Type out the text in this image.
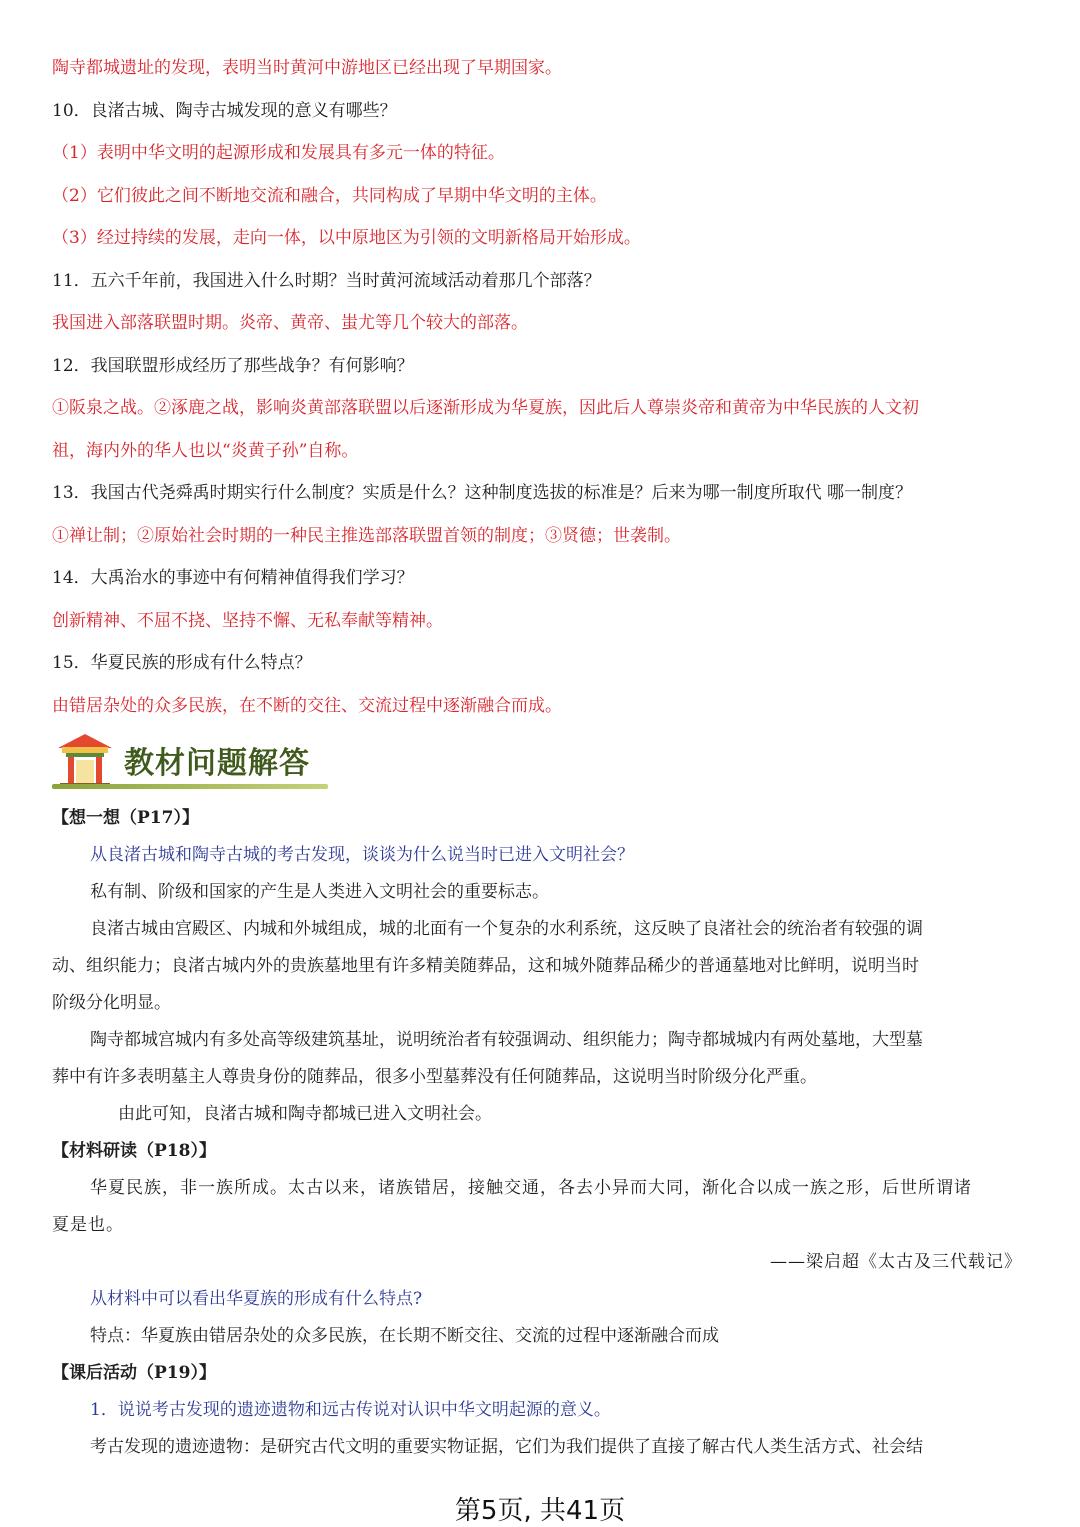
陶寺都城遗址的发现，表明当时黄河中游地区已经出现了早期国家。

10．良渚古城、陶寺古城发现的意义有哪些？

（1）表明中华文明的起源形成和发展具有多元一体的特征。

（2）它们彼此之间不断地交流和融合，共同构成了早期中华文明的主体。

（3）经过持续的发展，走向一体，以中原地区为引领的文明新格局开始形成。

11．五六千年前，我国进入什么时期？当时黄河流域活动着那几个部落？

我国进入部落联盟时期。炎帝、黄帝、蚩尤等几个较大的部落。

12．我国联盟形成经历了那些战争？有何影响？

①阪泉之战。②涿鹿之战，影响炎黄部落联盟以后逐渐形成为华夏族，因此后人尊崇炎帝和黄帝为中华民族的人文初

祖，海内外的华人也以“炎黄子孙”自称。

13．我国古代尧舜禹时期实行什么制度？实质是什么？这种制度选拔的标准是？后来为哪一制度所取代 哪一制度？

①禅让制；②原始社会时期的一种民主推选部落联盟首领的制度；③贤德；世袭制。

14．大禹治水的事迹中有何精神值得我们学习？

创新精神、不屈不挠、坚持不懈、无私奉献等精神。

15．华夏民族的形成有什么特点？

由错居杂处的众多民族，在不断的交往、交流过程中逐渐融合而成。

教材问题解答

【想一想（P17）】

从良渚古城和陶寺古城的考古发现，谈谈为什么说当时已进入文明社会？

私有制、阶级和国家的产生是人类进入文明社会的重要标志。

良渚古城由宫殿区、内城和外城组成，城的北面有一个复杂的水利系统，这反映了良渚社会的统治者有较强的调

动、组织能力；良渚古城内外的贵族墓地里有许多精美随葬品，这和城外随葬品稀少的普通墓地对比鲜明，说明当时

阶级分化明显。

陶寺都城宫城内有多处高等级建筑基址，说明统治者有较强调动、组织能力；陶寺都城城内有两处墓地，大型墓

葬中有许多表明墓主人尊贵身份的随葬品，很多小型墓葬没有任何随葬品，这说明当时阶级分化严重。

由此可知，良渚古城和陶寺都城已进入文明社会。

【材料研读（P18）】

华夏民族，非一族所成。太古以来，诸族错居，接触交通，各去小异而大同，渐化合以成一族之形，后世所谓诸

夏是也。

——梁启超《太古及三代载记》

从材料中可以看出华夏族的形成有什么特点?

特点：华夏族由错居杂处的众多民族，在长期不断交往、交流的过程中逐渐融合而成

【课后活动（P19）】

1．说说考古发现的遗迹遗物和远古传说对认识中华文明起源的意义。

考古发现的遗迹遗物：是研究古代文明的重要实物证据，它们为我们提供了直接了解古代人类生活方式、社会结

第5页, 共41页
